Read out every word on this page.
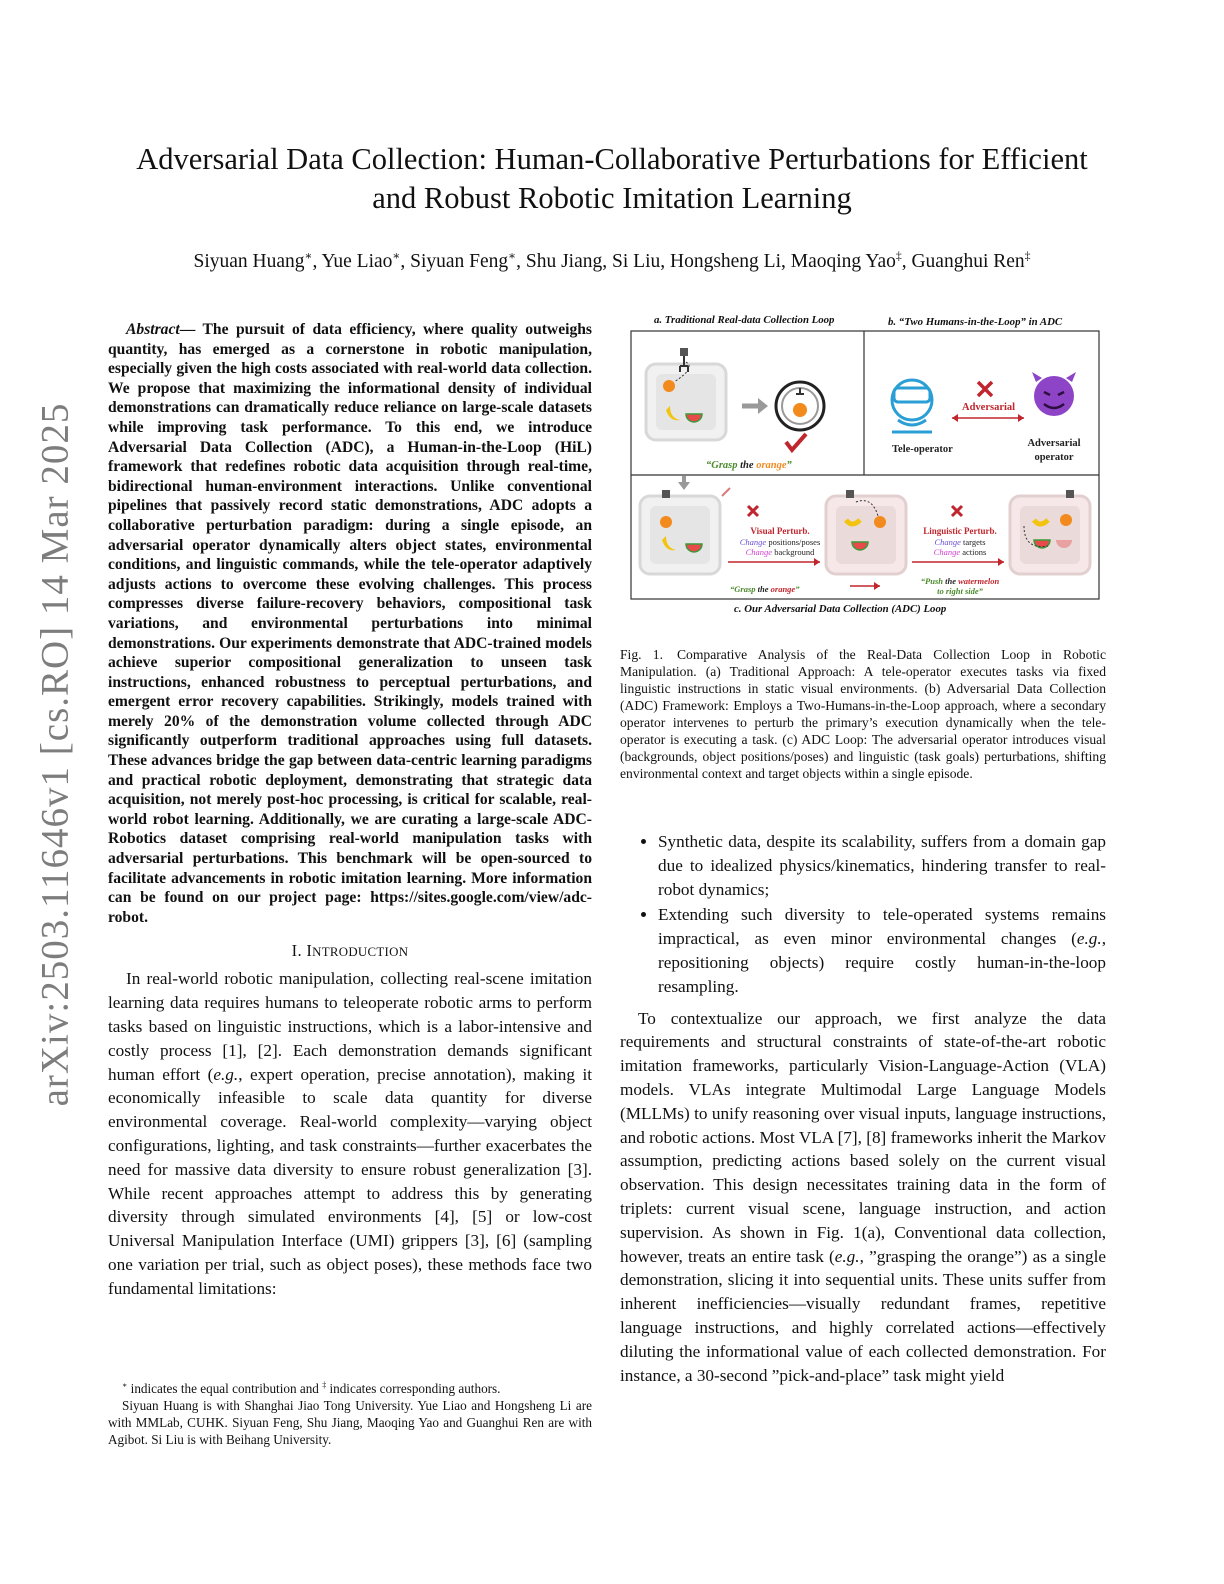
arXiv:2503.11646v1 [cs.RO] 14 Mar 2025
Adversarial Data Collection: Human-Collaborative Perturbations for Efficient
and Robust Robotic Imitation Learning
Siyuan Huang∗, Yue Liao∗, Siyuan Feng∗, Shu Jiang, Si Liu, Hongsheng Li, Maoqing Yao‡, Guanghui Ren‡

Abstract— The pursuit of data efficiency, where quality outweighs quantity, has emerged as a cornerstone in robotic manipulation, especially given the high costs associated with real-world data collection. We propose that maximizing the informational density of individual demonstrations can dramatically reduce reliance on large-scale datasets while improving task performance. To this end, we introduce Adversarial Data Collection (ADC), a Human-in-the-Loop (HiL) framework that redefines robotic data acquisition through real-time, bidirectional human-environment interactions. Unlike conventional pipelines that passively record static demonstrations, ADC adopts a collaborative perturbation paradigm: during a single episode, an adversarial operator dynamically alters object states, environmental conditions, and linguistic commands, while the tele-operator adaptively adjusts actions to overcome these evolving challenges. This process compresses diverse failure-recovery behaviors, compositional task variations, and environmental perturbations into minimal demonstrations. Our experiments demonstrate that ADC-trained models achieve superior compositional generalization to unseen task instructions, enhanced robustness to perceptual perturbations, and emergent error recovery capabilities. Strikingly, models trained with merely 20% of the demonstration volume collected through ADC significantly outperform traditional approaches using full datasets. These advances bridge the gap between data-centric learning paradigms and practical robotic deployment, demonstrating that strategic data acquisition, not merely post-hoc processing, is critical for scalable, real-world robot learning. Additionally, we are curating a large-scale ADC-Robotics dataset comprising real-world manipulation tasks with adversarial perturbations. This benchmark will be open-sourced to facilitate advancements in robotic imitation learning. More information can be found on our project page: https://sites.google.com/view/adc-robot.

I. INTRODUCTION

In real-world robotic manipulation, collecting real-scene imitation learning data requires humans to teleoperate robotic arms to perform tasks based on linguistic instructions, which is a labor-intensive and costly process [1], [2]. Each demonstration demands significant human effort (e.g., expert operation, precise annotation), making it economically infeasible to scale data quantity for diverse environmental coverage. Real-world complexity—varying object configurations, lighting, and task constraints—further exacerbates the need for massive data diversity to ensure robust generalization [3]. While recent approaches attempt to address this by generating diversity through simulated environments [4], [5] or low-cost Universal Manipulation Interface (UMI) grippers [3], [6] (sampling one variation per trial, such as object poses), these methods face two fundamental limitations:

∗ indicates the equal contribution and ‡ indicates corresponding authors.

Siyuan Huang is with Shanghai Jiao Tong University. Yue Liao and Hongsheng Li are with MMLab, CUHK. Siyuan Feng, Shu Jiang, Maoqing Yao and Guanghui Ren are with Agibot. Si Liu is with Beihang University.

a. Traditional Real-data Collection Loop	b. “Two Humans-in-the-Loop” in ADC
“Grasp the orange”
Tele-operator
Adversarial
Adversarial
operator
Visual Perturb.
Change positions/poses
Change background
“Grasp the orange”
Linguistic Perturb.
Change targets
Change actions
“Push the watermelon
to right side”
c. Our Adversarial Data Collection (ADC) Loop

Fig. 1. Comparative Analysis of the Real-Data Collection Loop in Robotic Manipulation. (a) Traditional Approach: A tele-operator executes tasks via fixed linguistic instructions in static visual environments. (b) Adversarial Data Collection (ADC) Framework: Employs a Two-Humans-in-the-Loop approach, where a secondary operator intervenes to perturb the primary’s execution dynamically when the tele-operator is executing a task. (c) ADC Loop: The adversarial operator introduces visual (backgrounds, object positions/poses) and linguistic (task goals) perturbations, shifting environmental context and target objects within a single episode.

• Synthetic data, despite its scalability, suffers from a domain gap due to idealized physics/kinematics, hindering transfer to real-robot dynamics;
• Extending such diversity to tele-operated systems remains impractical, as even minor environmental changes (e.g., repositioning objects) require costly human-in-the-loop resampling.

To contextualize our approach, we first analyze the data requirements and structural constraints of state-of-the-art robotic imitation frameworks, particularly Vision-Language-Action (VLA) models. VLAs integrate Multimodal Large Language Models (MLLMs) to unify reasoning over visual inputs, language instructions, and robotic actions. Most VLA [7], [8] frameworks inherit the Markov assumption, predicting actions based solely on the current visual observation. This design necessitates training data in the form of triplets: current visual scene, language instruction, and action supervision. As shown in Fig. 1(a), Conventional data collection, however, treats an entire task (e.g., ”grasping the orange”) as a single demonstration, slicing it into sequential units. These units suffer from inherent inefficiencies—visually redundant frames, repetitive language instructions, and highly correlated actions—effectively diluting the informational value of each collected demonstration. For instance, a 30-second ”pick-and-place” task might yield
